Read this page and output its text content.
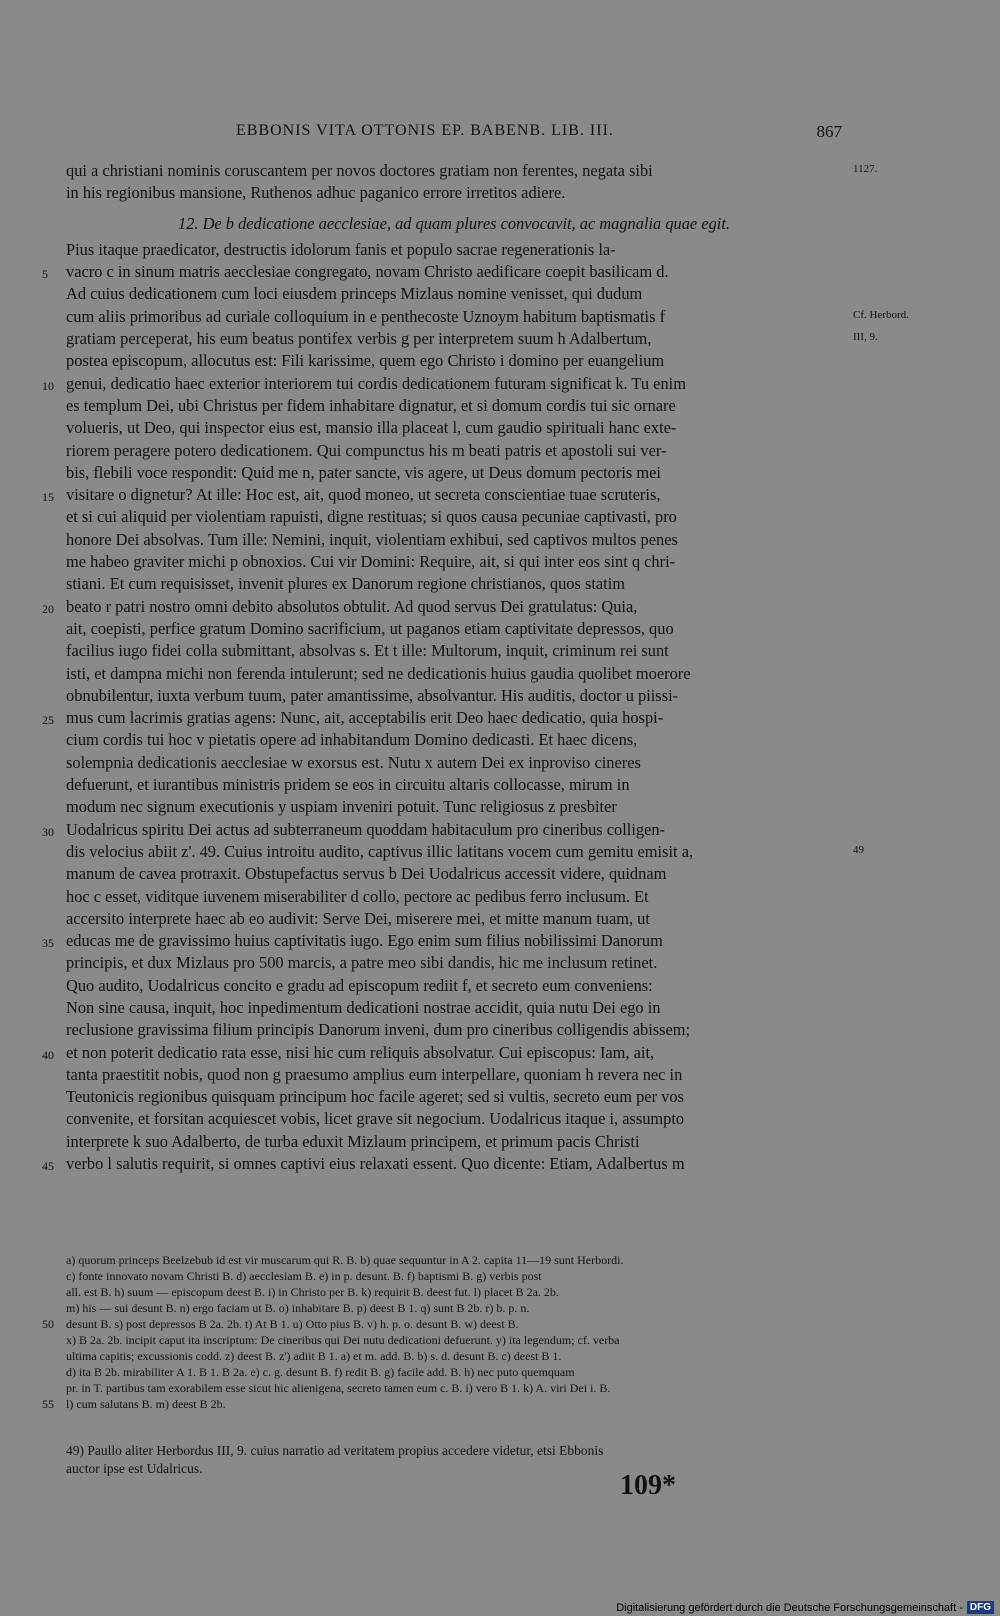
EBBONIS VITA OTTONIS EP. BABENB. LIB. III.	867
qui a christiani nominis coruscantem per novos doctores gratiam non ferentes, negata sibi	1127.
in his regionibus mansione, Ruthenos adhuc paganico errore irretitos adiere.
12. De b dedicatione aecclesiae, ad quam plures convocavit, ac magnalia quae egit.
Pius itaque praedicator, destructis idolorum fanis et populo sacrae regenerationis la-
vacro c in sinum matris aecclesiae congregato, novam Christo aedificare coepit basilicam d.
5
Ad cuius dedicationem cum loci eiusdem princeps Mizlaus nomine venisset, qui dudum
cum aliis primoribus ad curiale colloquium in e penthecoste Uznoym habitum baptismatis f	Cf. Herbord.
gratiam perceperat, his eum beatus pontifex verbis g per interpretem suum h Adalbertum,	III, 9.
postea episcopum, allocutus est: Fili karissime, quem ego Christo i domino per euangelium
genui, dedicatio haec exterior interiorem tui cordis dedicationem futuram significat k. Tu enim
10
es templum Dei, ubi Christus per fidem inhabitare dignatur, et si domum cordis tui sic ornare
volueris, ut Deo, qui inspector eius est, mansio illa placeat l, cum gaudio spirituali hanc exte-
riorem peragere potero dedicationem. Qui compunctus his m beati patris et apostoli sui ver-
bis, flebili voce respondit: Quid me n, pater sancte, vis agere, ut Deus domum pectoris mei
visitare o dignetur? At ille: Hoc est, ait, quod moneo, ut secreta conscientiae tuae scruteris,
15
et si cui aliquid per violentiam rapuisti, digne restituas; si quos causa pecuniae captivasti, pro
honore Dei absolvas. Tum ille: Nemini, inquit, violentiam exhibui, sed captivos multos penes
me habeo graviter michi p obnoxios. Cui vir Domini: Require, ait, si qui inter eos sint q chri-
stiani. Et cum requisisset, invenit plures ex Danorum regione christianos, quos statim
beato r patri nostro omni debito absolutos obtulit. Ad quod servus Dei gratulatus: Quia,
20
ait, coepisti, perfice gratum Domino sacrificium, ut paganos etiam captivitate depressos, quo
facilius iugo fidei colla submittant, absolvas s. Et t ille: Multorum, inquit, criminum rei sunt
isti, et dampna michi non ferenda intulerunt; sed ne dedicationis huius gaudia quolibet moerore
obnubilentur, iuxta verbum tuum, pater amantissime, absolvantur. His auditis, doctor u piissi-
mus cum lacrimis gratias agens: Nunc, ait, acceptabilis erit Deo haec dedicatio, quia hospi-
25
cium cordis tui hoc v pietatis opere ad inhabitandum Domino dedicasti. Et haec dicens,
solempnia dedicationis aecclesiae w exorsus est. Nutu x autem Dei ex inproviso cineres
defuerunt, et iurantibus ministris pridem se eos in circuitu altaris collocasse, mirum in
modum nec signum executionis y uspiam inveniri potuit. Tunc religiosus z presbiter
Uodalricus spiritu Dei actus ad subterraneum quoddam habitaculum pro cineribus colligen-
30
dis velocius abiit z'. 49. Cuius introitu audito, captivus illic latitans vocem cum gemitu emisit a,	49
manum de cavea protraxit. Obstupefactus servus b Dei Uodalricus accessit videre, quidnam
hoc c esset, viditque iuvenem miserabiliter d collo, pectore ac pedibus ferro inclusum. Et
accersito interprete haec ab eo audivit: Serve Dei, miserere mei, et mitte manum tuam, ut
educas me de gravissimo huius captivitatis iugo. Ego enim sum filius nobilissimi Danorum
35
principis, et dux Mizlaus pro 500 marcis, a patre meo sibi dandis, hic me inclusum retinet.
Quo audito, Uodalricus concito e gradu ad episcopum rediit f, et secreto eum conveniens:
Non sine causa, inquit, hoc inpedimentum dedicationi nostrae accidit, quia nutu Dei ego in
reclusione gravissima filium principis Danorum inveni, dum pro cineribus colligendis abissem;
et non poterit dedicatio rata esse, nisi hic cum reliquis absolvatur. Cui episcopus: Iam, ait,
40
tanta praestitit nobis, quod non g praesumo amplius eum interpellare, quoniam h revera nec in
Teutonicis regionibus quisquam principum hoc facile ageret; sed si vultis, secreto eum per vos
convenite, et forsitan acquiescet vobis, licet grave sit negocium. Uodalricus itaque i, assumpto
interprete k suo Adalberto, de turba eduxit Mizlaum principem, et primum pacis Christi
verbo l salutis requirit, si omnes captivi eius relaxati essent. Quo dicente: Etiam, Adalbertus m
45
a) quorum princeps Beelzebub id est vir muscarum qui R. B. b) quae sequuntur in A 2. capita 11—19 sunt Herbordi.
c) fonte innovato novam Christi B. d) aecclesiam B. e) in p. desunt. B. f) baptismi B. g) verbis post
all. est B. h) suum — episcopum deest B. i) in Christo per B. k) requirit B. deest fut. l) placet B 2a. 2b.
m) his — sui desunt B. n) ergo faciam ut B. o) inhabitare B. p) deest B 1. q) sunt B 2b. r) b. p. n.
desunt B. s) post depressos B 2a. 2b. t) At B 1. u) Otto pius B. v) h. p. o. desunt B. w) deest B.
50
x) B 2a. 2b. incipit caput ita inscriptum: De cineribus qui Dei nutu dedicationi defuerunt. y) ita legendum; cf. verba
ultima capitis; excussionis codd. z) deest B. z') adiit B 1. a) et m. add. B. b) s. d. desunt B. c) deest B 1.
d) ita B 2b. mirabiliter A 1. B 1. B 2a. e) c. g. desunt B. f) redit B. g) facile add. B. h) nec puto quemquam
pr. in T. partibus tam exorabilem esse sicut hic alienigena, secreto tamen eum c. B. i) vero B 1. k) A. viri Dei i. B.
l) cum salutans B. m) deest B 2b.
55
49) Paullo aliter Herbordus III, 9. cuius narratio ad veritatem propius accedere videtur, etsi Ebbonis
auctor ipse est Udalricus.
109*
Digitalisierung gefördert durch die Deutsche Forschungsgemeinschaft - DFG
